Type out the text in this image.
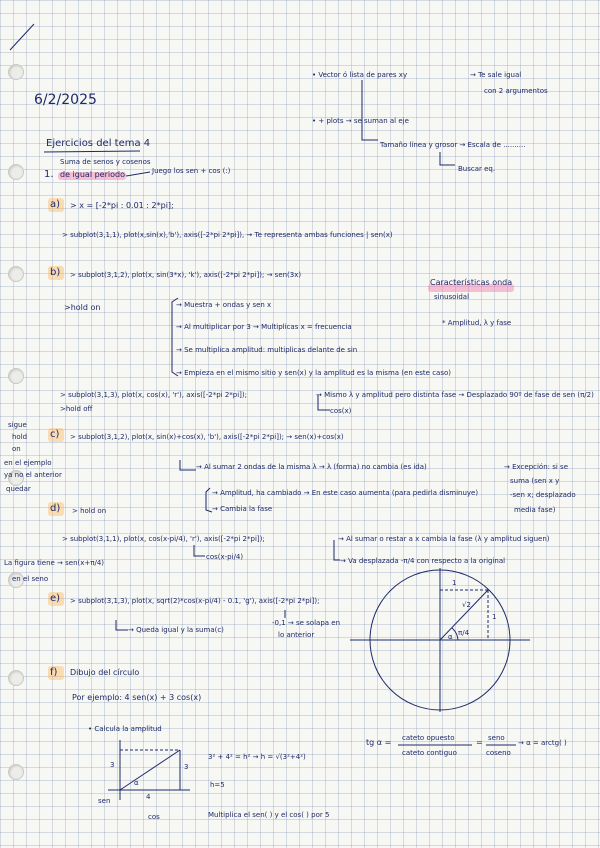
6/2/2025
• Vector ó lista de pares xy	→ Te sale igual
con 2 argumentos
• + plots → se suman al eje
Tamaño línea y grosor → Escala de ..........
Buscar eq.
Ejercicios del tema 4
Suma de senos y cosenos
1. de igual periodo	Juego los sen + cos (:)
a) > x = [-2*pi : 0.01 : 2*pi];
> subplot(3,1,1), plot(x,sin(x),'b'), axis([-2*pi 2*pi]), → Te representa ambas funciones | sen(x)
b) > subplot(3,1,2), plot(x, sin(3*x), 'k'), axis([-2*pi 2*pi]); → sen(3x)
>hold on	→ Muestra + ondas y sen x
→ Al multiplicar por 3 → Multiplicas x = frecuencia
→ Se multiplica amplitud: multiplicas delante de sin
→ Empieza en el mismo sitio y sen(x) y la amplitud es la misma (en este caso)
Características onda
sinusoidal
* Amplitud, λ y fase
> subplot(3,1,3), plot(x, cos(x), 'r'), axis([-2*pi 2*pi]);	→ Mismo λ y amplitud pero distinta fase → Desplazado 90º de fase de sen (π/2)
cos(x)
>hold off
c) > subplot(3,1,2), plot(x, sin(x)+cos(x), 'b'), axis([-2*pi 2*pi]); → sen(x)+cos(x)
→ Al sumar 2 ondas de la misma λ → λ (forma) no cambia (es ida)
→ Amplitud, ha cambiado → En este caso aumenta (para pedirla disminuye)
→ Cambia la fase
→ Excepción: si se
suma (sen x y
-sen x; desplazado
media fase)
d) > hold on
> subplot(3,1,1), plot(x, cos(x-pi/4), 'r'), axis([-2*pi 2*pi]);	→ Al sumar o restar a x cambia la fase (λ y amplitud siguen)
→ Va desplazada -π/4 con respecto a la original
cos(x-pi/4)
sigue
hold
on
en el ejemplo
ya no el anterior
quedar
La figura tiene → sen(x+π/4)
en el seno
e) > subplot(3,1,3), plot(x, sqrt(2)*cos(x-pi/4) - 0.1, 'g'), axis([-2*pi 2*pi]);
→ Queda igual y la suma(c)
-0,1 → se solapa en
lo anterior
1
1
π/4
√2
α
f) Dibujo del círculo
Por ejemplo: 4 sen(x) + 3 cos(x)
• Calcula la amplitud
3² + 4² = h² → h = √(3²+4²)
h=5
Multiplica el sen( ) y el cos( ) por 5
tg α = cateto opuesto
cateto contiguo
= seno
coseno
→ α = arctg( )
3
4
sen
cos
α
3
